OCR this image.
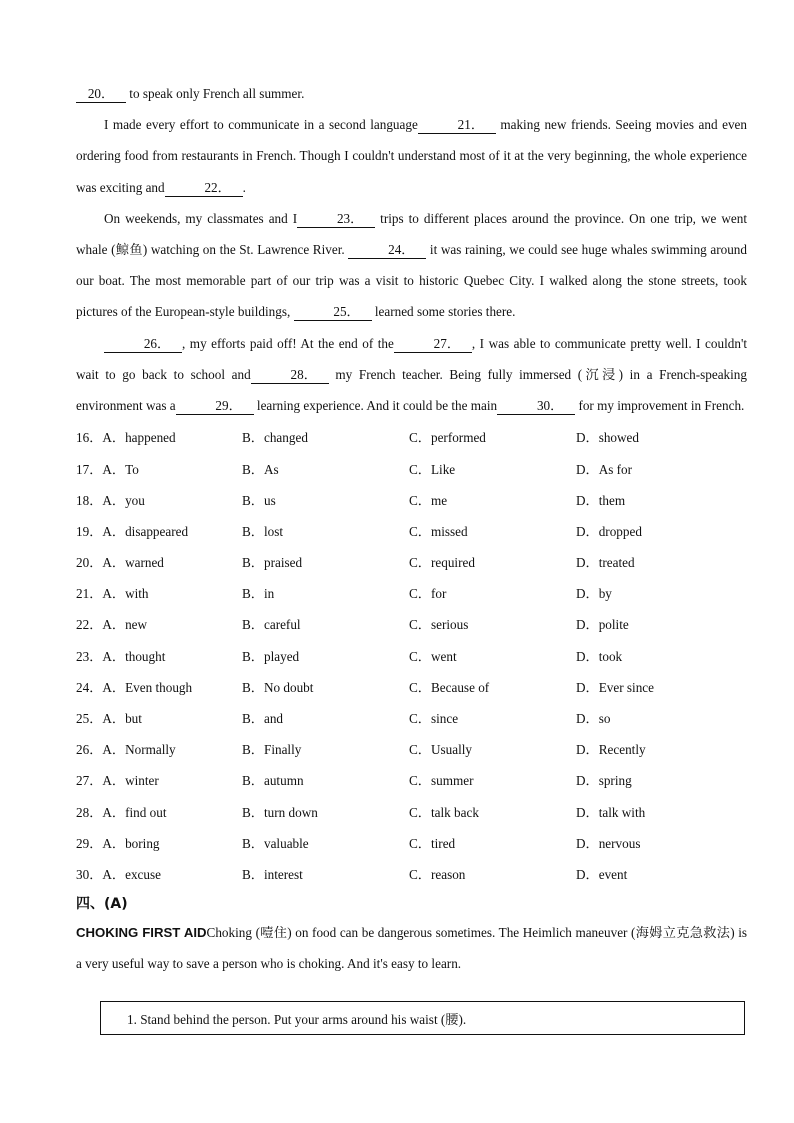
20． to speak only French all summer.

I made every effort to communicate in a second language	21． making new friends. Seeing movies and even ordering food from restaurants in French. Though I couldn't understand most of it at the very beginning, the whole experience was exciting and	22． .

On weekends, my classmates and I	23． trips to different places around the province. On one trip, we went whale (鲸鱼) watching on the St. Lawrence River.	24． it was raining, we could see huge whales swimming around our boat. The most memorable part of our trip was a visit to historic Quebec City. I walked along the stone streets, took pictures of the European-style buildings,	25． learned some stories there.

26． , my efforts paid off! At the end of the	27． , I was able to communicate pretty well. I couldn't wait to go back to school and	28． my French teacher. Being fully immersed (沉浸) in a French-speaking environment was a	29． learning experience. And it could be the main	30． for my improvement in French.

16．A．happened	B．changed	C．performed	D．showed
17．A．To	B．As	C．Like	D．As for
18．A．you	B．us	C．me	D．them
19．A．disappeared	B．lost	C．missed	D．dropped
20．A．warned	B．praised	C．required	D．treated
21．A．with	B．in	C．for	D．by
22．A．new	B．careful	C．serious	D．polite
23．A．thought	B．played	C．went	D．took
24．A．Even though	B．No doubt	C．Because of	D．Ever since
25．A．but	B．and	C．since	D．so
26．A．Normally	B．Finally	C．Usually	D．Recently
27．A．winter	B．autumn	C．summer	D．spring
28．A．find out	B．turn down	C．talk back	D．talk with
29．A．boring	B．valuable	C．tired	D．nervous
30．A．excuse	B．interest	C．reason	D．event
四、(A)

CHOKING FIRST AIDChoking (噎住) on food can be dangerous sometimes. The Heimlich maneuver (海姆立克急救法) is a very useful way to save a person who is choking. And it's easy to learn.

1. Stand behind the person. Put your arms around his waist (腰).
